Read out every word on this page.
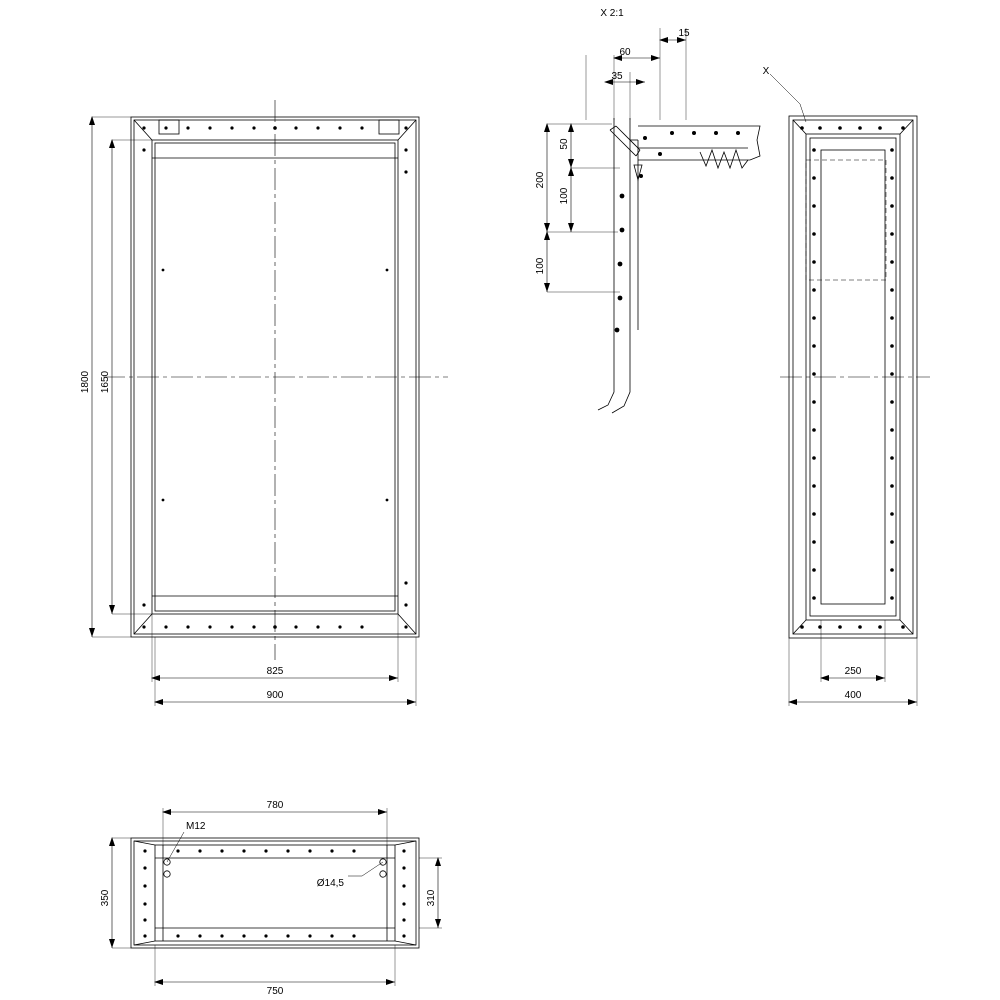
1800 1650
825
900
X 2:1
15
60
35
50
200
100
100
X
250
400
780
750
350	310
M12
Ø14,5
